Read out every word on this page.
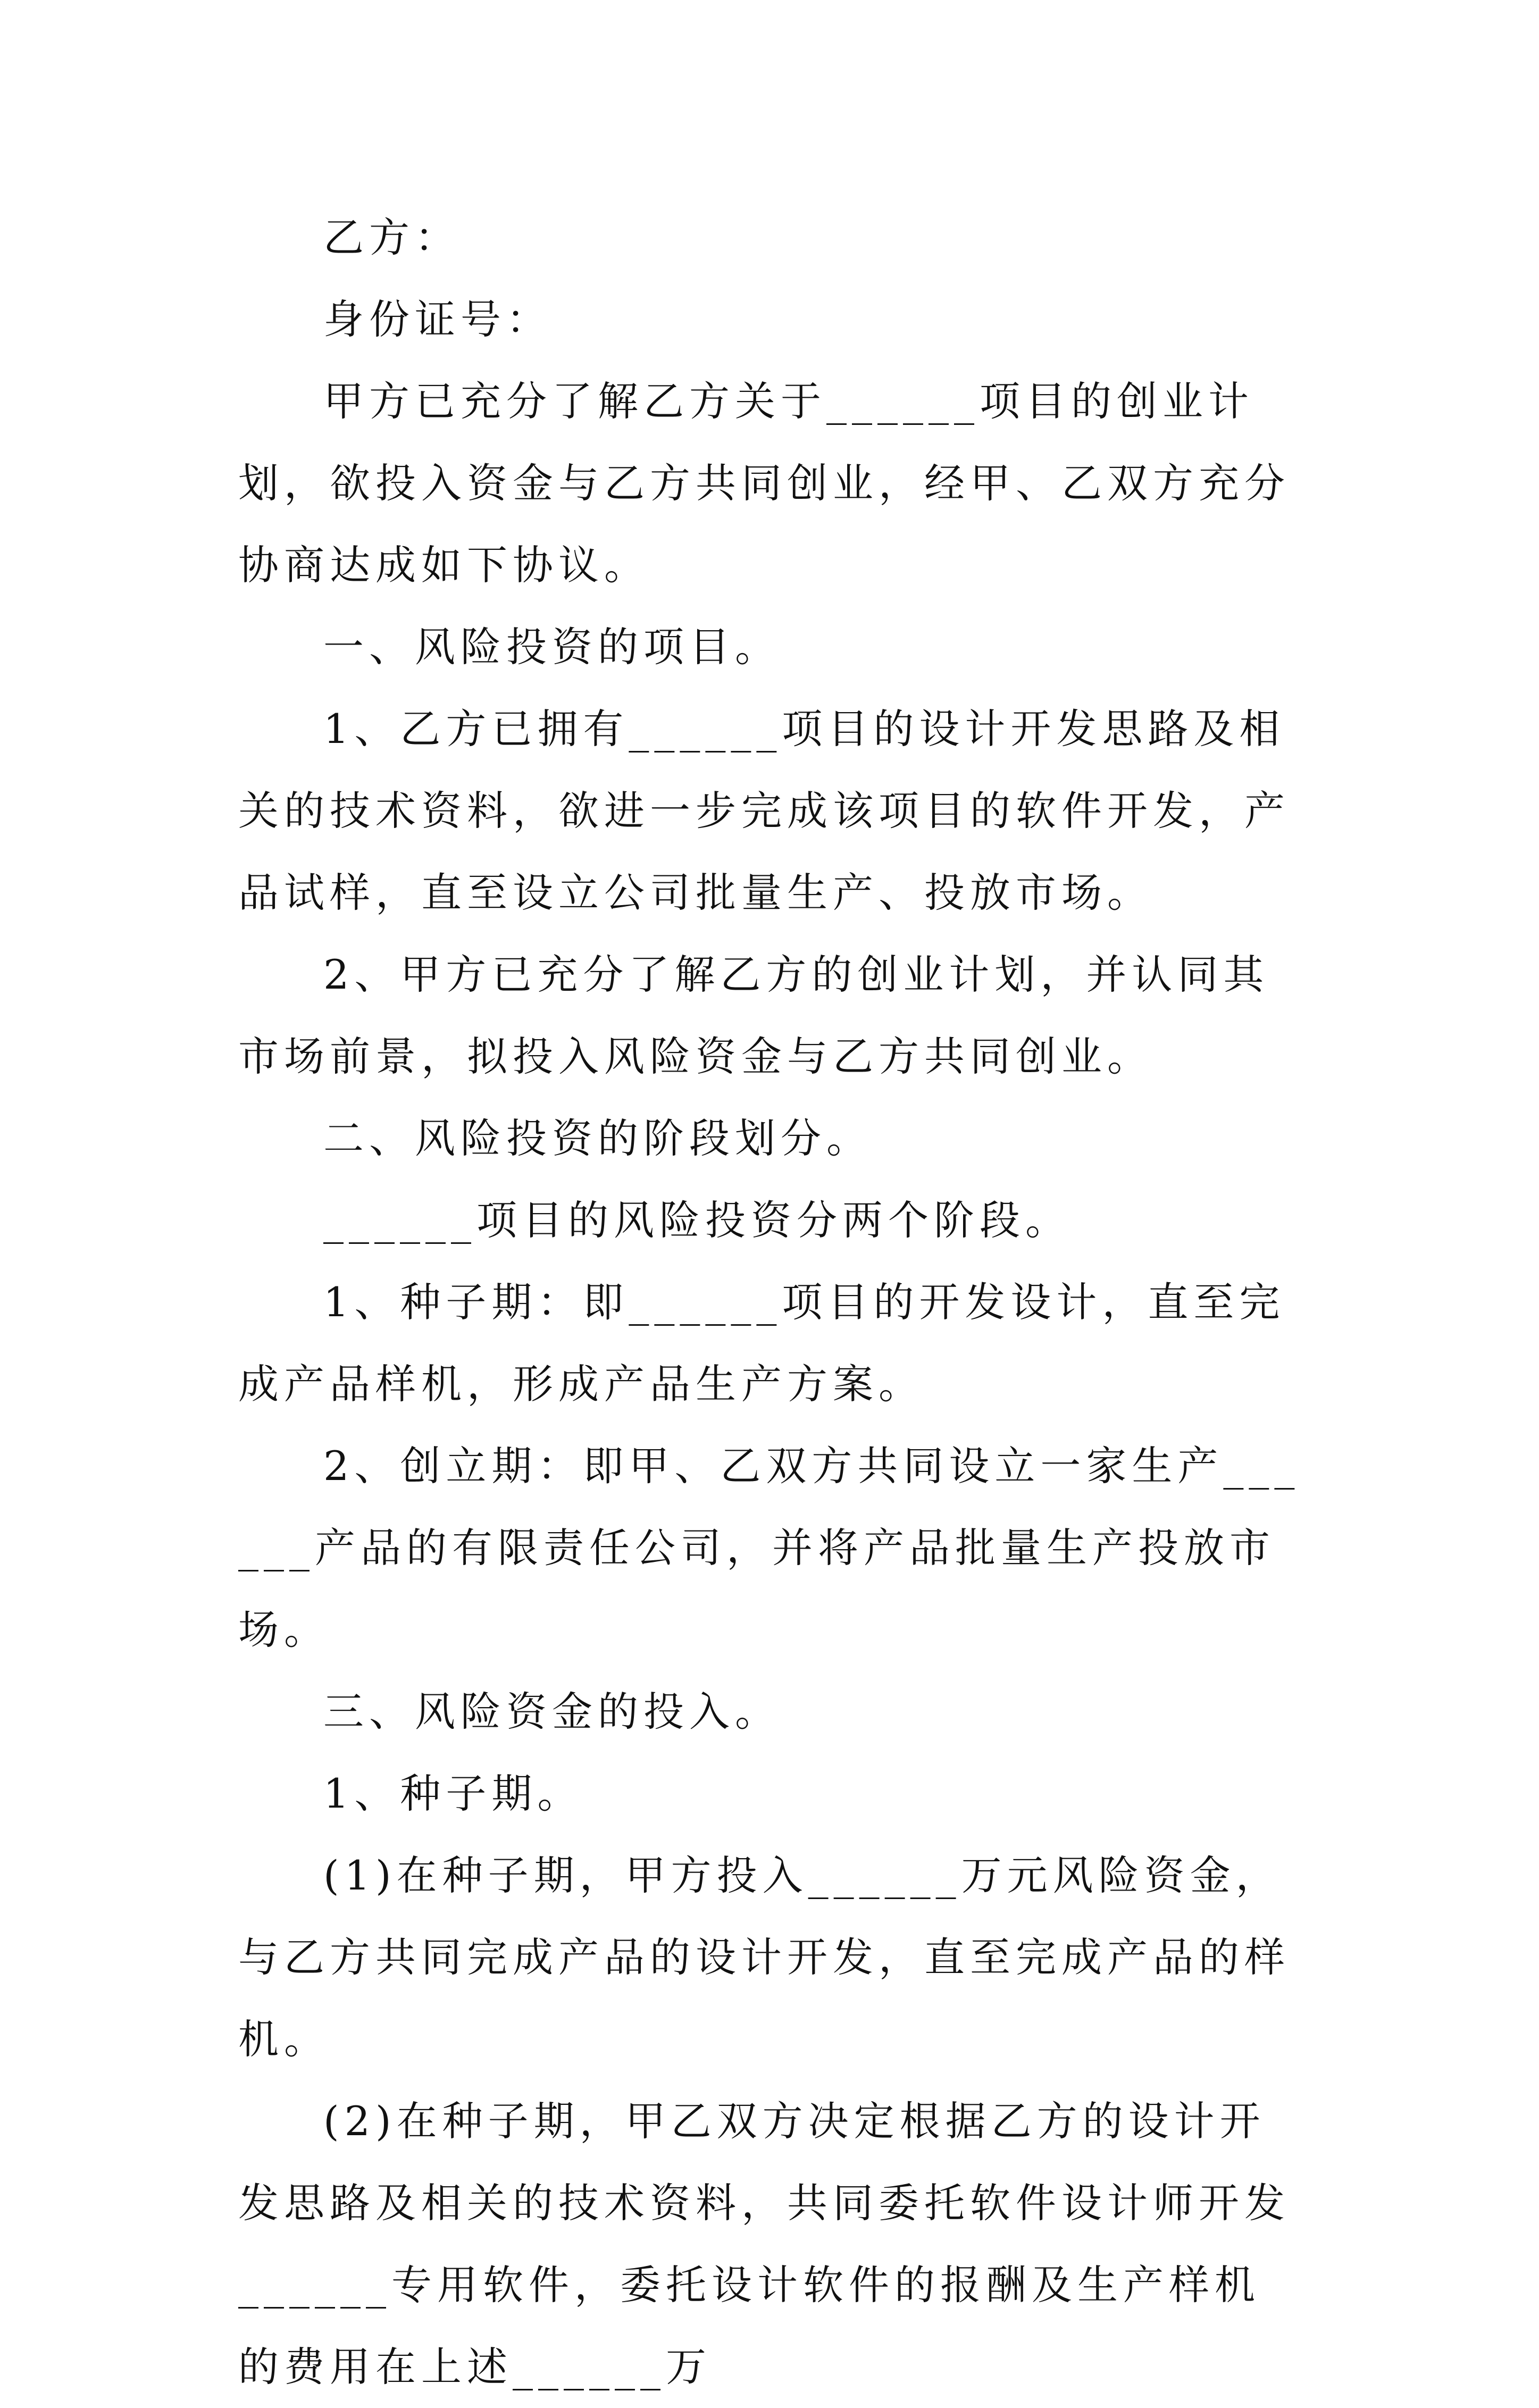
乙方：

身份证号：

甲方已充分了解乙方关于______项目的创业计划，欲投入资金与乙方共同创业，经甲、乙双方充分协商达成如下协议。

一、风险投资的项目。

1、乙方已拥有______项目的设计开发思路及相关的技术资料，欲进一步完成该项目的软件开发，产品试样，直至设立公司批量生产、投放市场。

2、甲方已充分了解乙方的创业计划，并认同其市场前景，拟投入风险资金与乙方共同创业。

二、风险投资的阶段划分。

______项目的风险投资分两个阶段。

1、种子期：即______项目的开发设计，直至完成产品样机，形成产品生产方案。

2、创立期：即甲、乙双方共同设立一家生产______产品的有限责任公司，并将产品批量生产投放市场。

三、风险资金的投入。

1、种子期。

(1)在种子期，甲方投入______万元风险资金，与乙方共同完成产品的设计开发，直至完成产品的样机。

(2)在种子期，甲乙双方决定根据乙方的设计开发思路及相关的技术资料，共同委托软件设计师开发______专用软件，委托设计软件的报酬及生产样机的费用在上述______万
